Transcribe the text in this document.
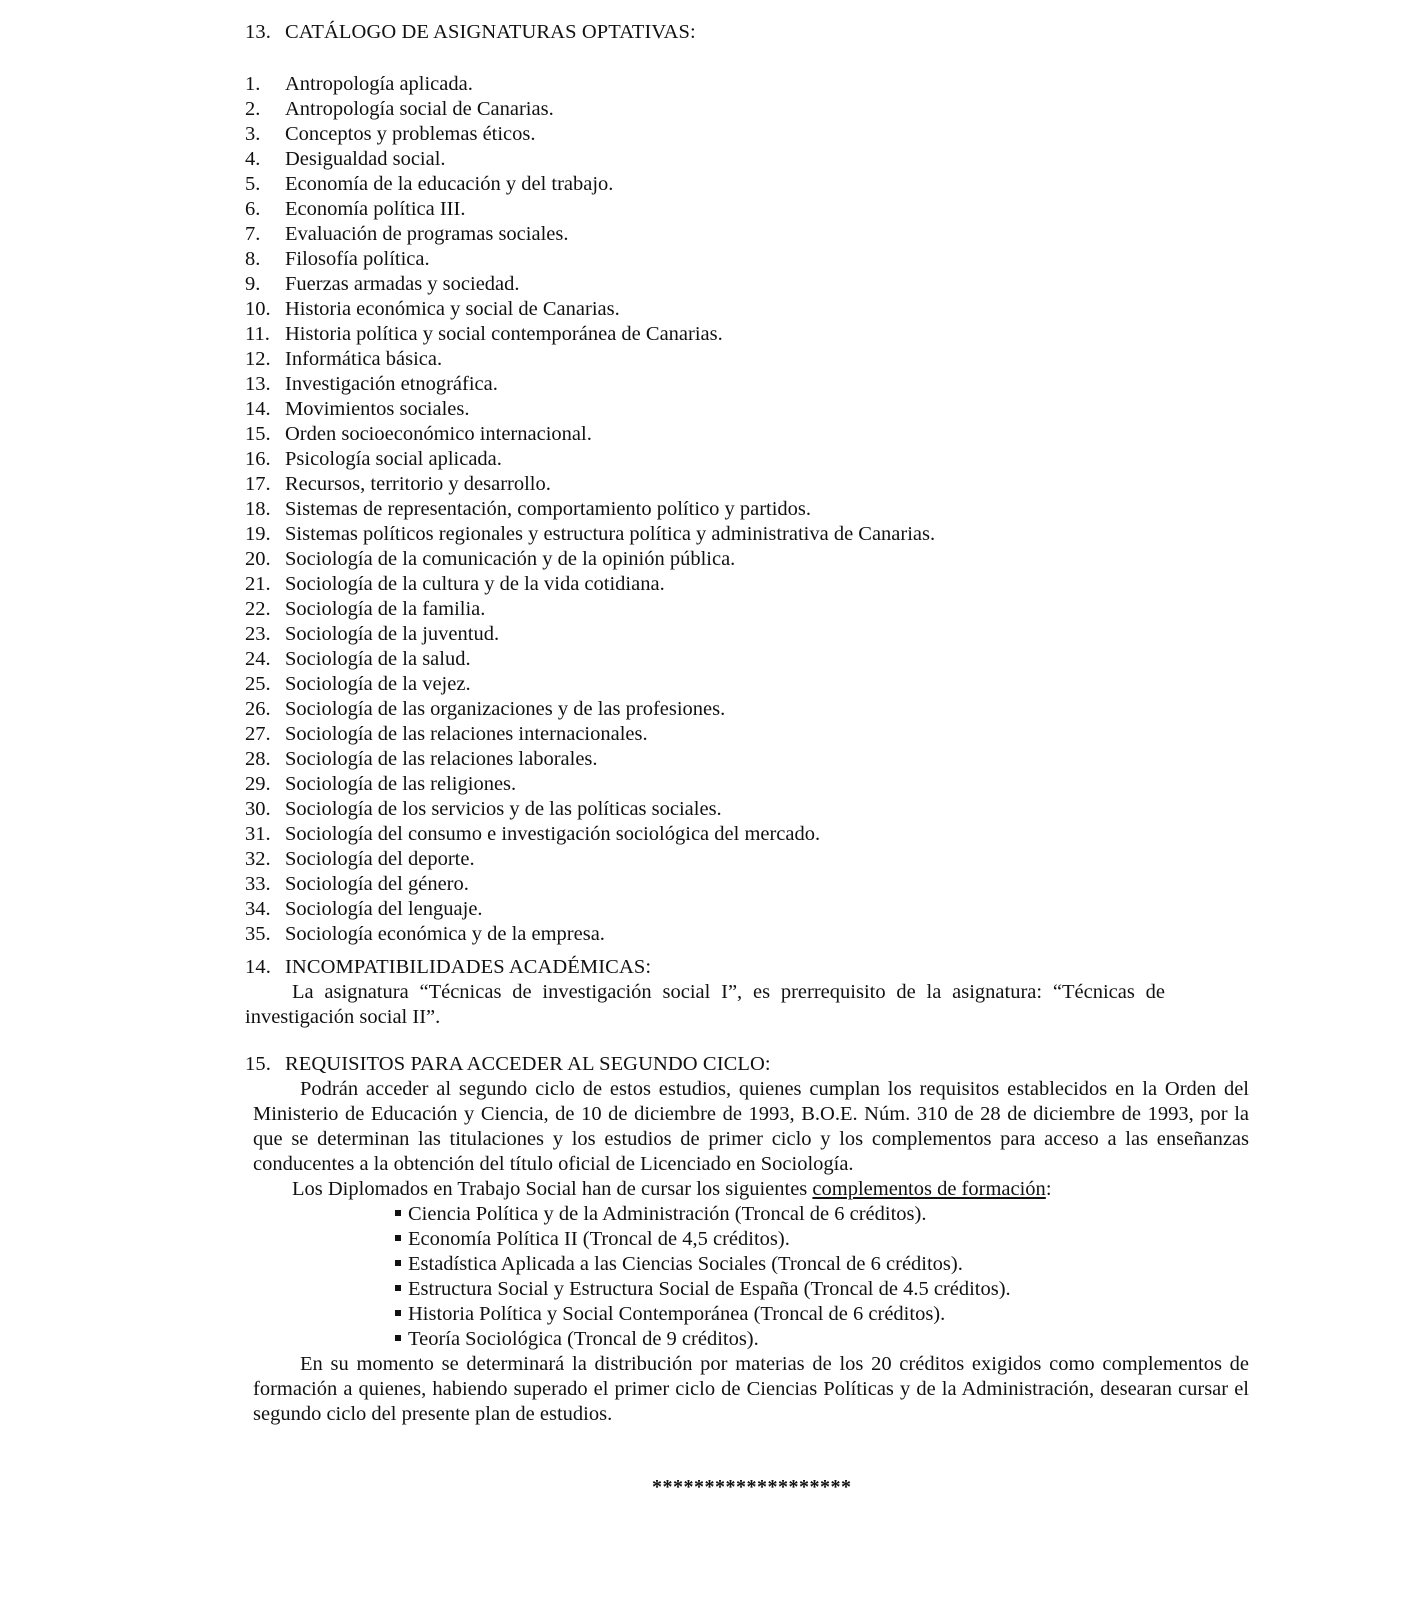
13. CATÁLOGO DE ASIGNATURAS OPTATIVAS:
1. Antropología aplicada.
2. Antropología social de Canarias.
3. Conceptos y problemas éticos.
4. Desigualdad social.
5. Economía de la educación y del trabajo.
6. Economía política III.
7. Evaluación de programas sociales.
8. Filosofía política.
9. Fuerzas armadas y sociedad.
10. Historia económica y social de Canarias.
11. Historia política y social contemporánea de Canarias.
12. Informática básica.
13. Investigación etnográfica.
14. Movimientos sociales.
15. Orden socioeconómico internacional.
16. Psicología social aplicada.
17. Recursos, territorio y desarrollo.
18. Sistemas de representación, comportamiento político y partidos.
19. Sistemas políticos regionales y estructura política y administrativa de Canarias.
20. Sociología de la comunicación y de la opinión pública.
21. Sociología de la cultura y de la vida cotidiana.
22. Sociología de la familia.
23. Sociología de la juventud.
24. Sociología de la salud.
25. Sociología de la vejez.
26. Sociología de las organizaciones y de las profesiones.
27. Sociología de las relaciones internacionales.
28. Sociología de las relaciones laborales.
29. Sociología de las religiones.
30. Sociología de los servicios y de las políticas sociales.
31. Sociología del consumo e investigación sociológica del mercado.
32. Sociología del deporte.
33. Sociología del género.
34. Sociología del lenguaje.
35. Sociología económica y de la empresa.
14. INCOMPATIBILIDADES ACADÉMICAS:
La asignatura “Técnicas de investigación social I”, es prerrequisito de la asignatura: “Técnicas de investigación social II”.
15. REQUISITOS PARA ACCEDER AL SEGUNDO CICLO:
Podrán acceder al segundo ciclo de estos estudios, quienes cumplan los requisitos establecidos en la Orden del Ministerio de Educación y Ciencia, de 10 de diciembre de 1993, B.O.E. Núm. 310 de 28 de diciembre de 1993, por la que se determinan las titulaciones y los estudios de primer ciclo y los complementos para acceso a las enseñanzas conducentes a la obtención del título oficial de Licenciado en Sociología.
Los Diplomados en Trabajo Social han de cursar los siguientes complementos de formación:
Ciencia Política y de la Administración (Troncal de 6 créditos).
Economía Política II (Troncal de 4,5 créditos).
Estadística Aplicada a las Ciencias Sociales (Troncal de 6 créditos).
Estructura Social y Estructura Social de España (Troncal de 4.5 créditos).
Historia Política y Social Contemporánea (Troncal de 6 créditos).
Teoría Sociológica (Troncal de 9 créditos).
En su momento se determinará la distribución por materias de los 20 créditos exigidos como complementos de formación a quienes, habiendo superado el primer ciclo de Ciencias Políticas y de la Administración, desearan cursar el segundo ciclo del presente plan de estudios.
*******************
